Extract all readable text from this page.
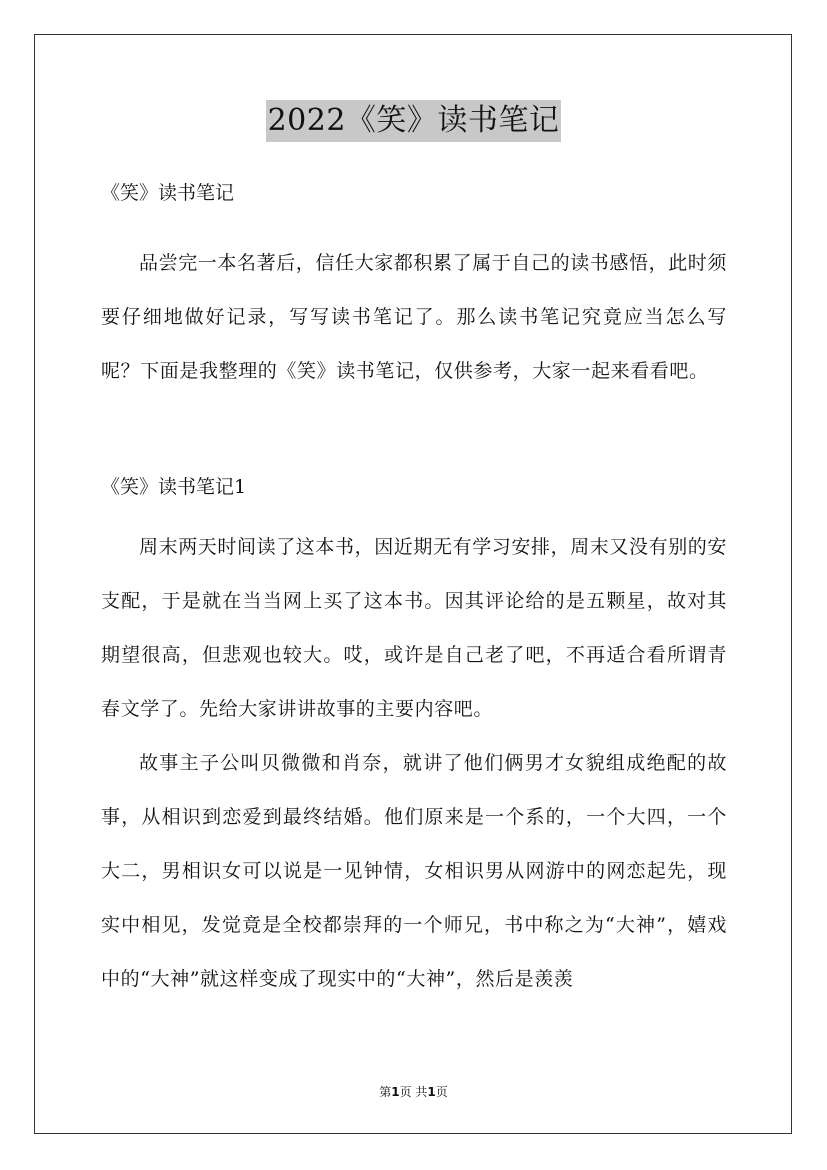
2022《笑》读书笔记

《笑》读书笔记

品尝完一本名著后，信任大家都积累了属于自己的读书感悟，此时须要仔细地做好记录，写写读书笔记了。那么读书笔记究竟应当怎么写呢？下面是我整理的《笑》读书笔记，仅供参考，大家一起来看看吧。

《笑》读书笔记1

周末两天时间读了这本书，因近期无有学习安排，周末又没有别的安支配，于是就在当当网上买了这本书。因其评论给的是五颗星，故对其期望很高，但悲观也较大。哎，或许是自己老了吧，不再适合看所谓青春文学了。先给大家讲讲故事的主要内容吧。

故事主子公叫贝微微和肖奈，就讲了他们俩男才女貌组成绝配的故事，从相识到恋爱到最终结婚。他们原来是一个系的，一个大四，一个大二，男相识女可以说是一见钟情，女相识男从网游中的网恋起先，现实中相见，发觉竟是全校都崇拜的一个师兄，书中称之为“大神”，嬉戏中的“大神”就这样变成了现实中的“大神”，然后是羡羡

第1页 共1页
